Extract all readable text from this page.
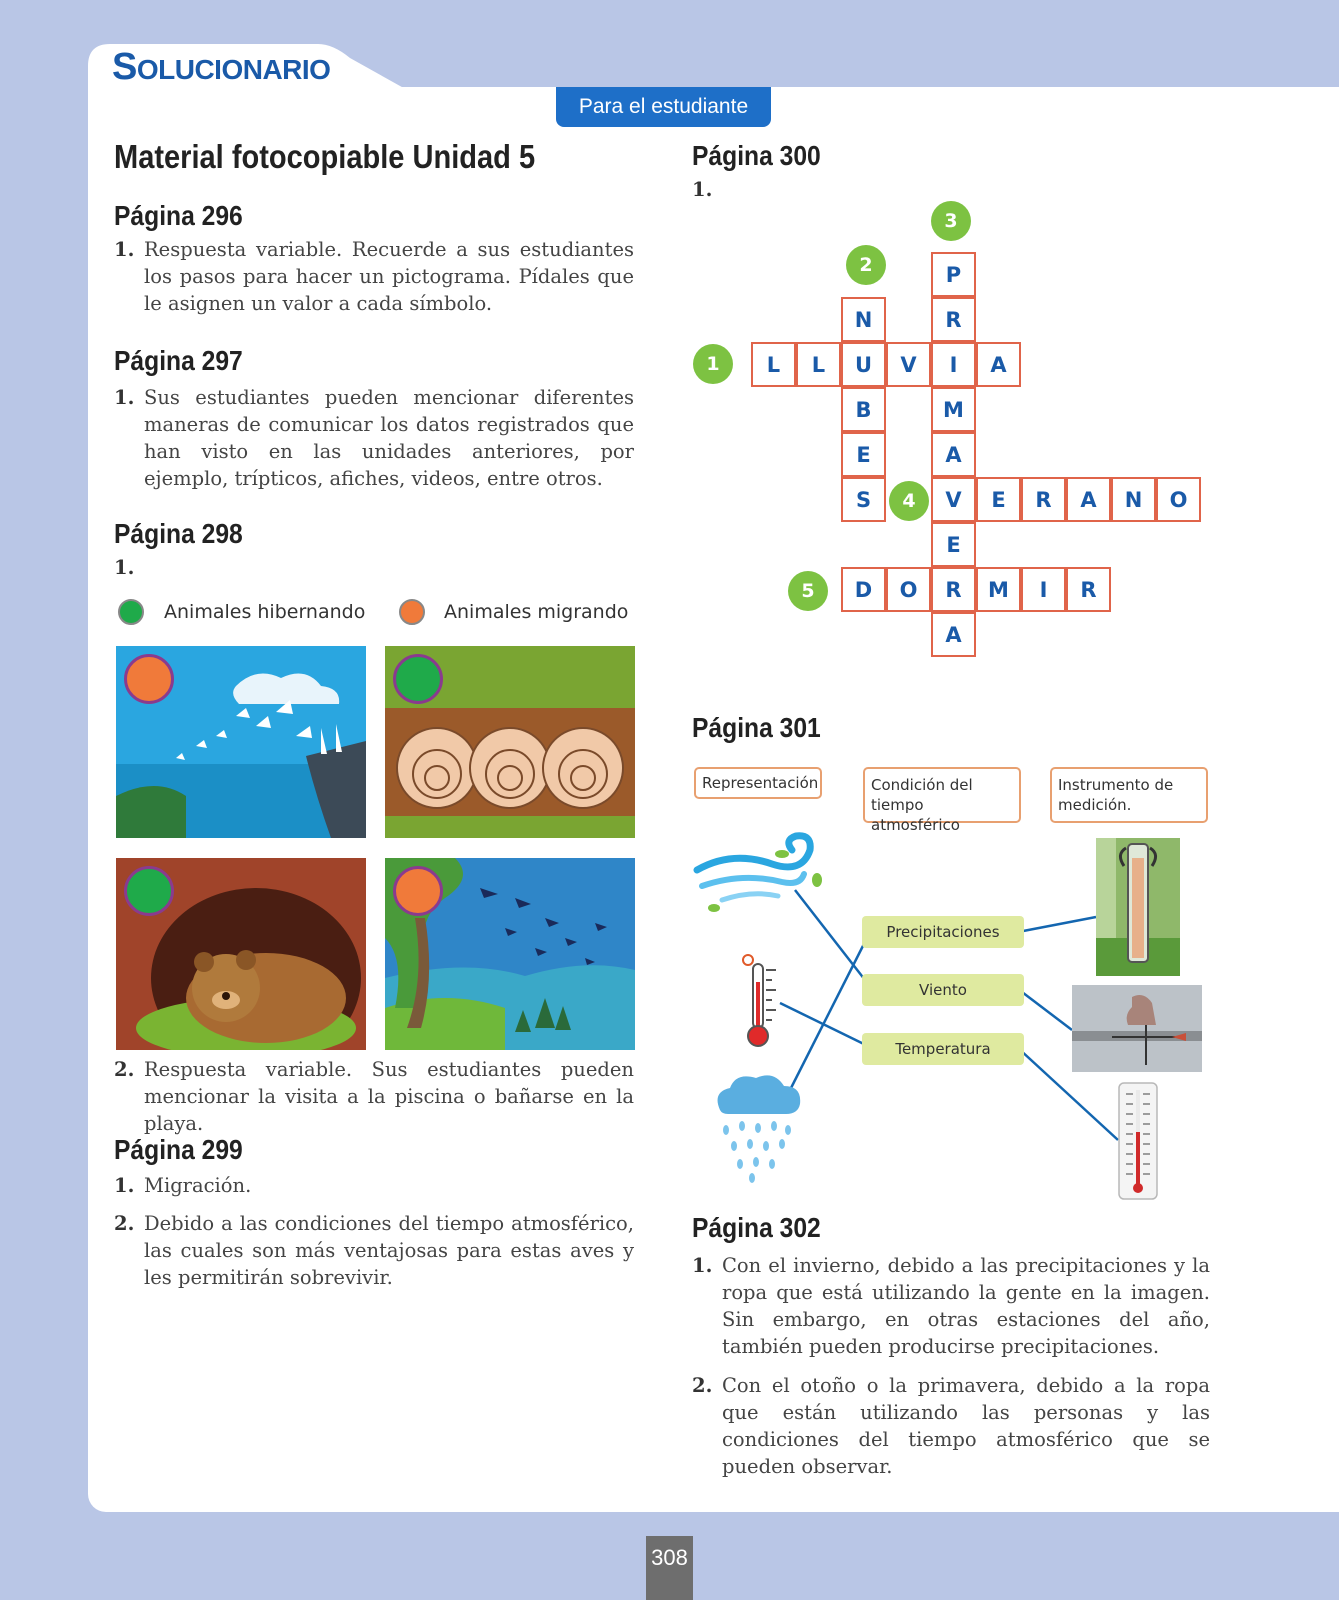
SOLUCIONARIO
Para el estudiante
Material fotocopiable Unidad 5
Página 296
1. Respuesta variable. Recuerde a sus estudiantes los pasos para hacer un pictograma. Pídales que le asignen un valor a cada símbolo.
Página 297
1. Sus estudiantes pueden mencionar diferentes maneras de comunicar los datos registrados que han visto en las unidades anteriores, por ejemplo, trípticos, afiches, videos, entre otros.
Página 298
1.
Animales hibernando	Animales migrando
2. Respuesta variable. Sus estudiantes pueden mencionar la visita a la piscina o bañarse en la playa.
Página 299
1. Migración.
2. Debido a las condiciones del tiempo atmosférico, las cuales son más ventajosas para estas aves y les permitirán sobrevivir.
Página 300
1.
L	L	U	V	I	A
N
B
E
S
P
R
M
A
V
E
R
A
E	R	A	N	O
D	O	M	I	R
1
2
3
4
5
Página 301
Representación	Condición del tiempo atmosférico
Instrumento de medición.
Precipitaciones
Viento
Temperatura
Página 302
1. Con el invierno, debido a las precipitaciones y la ropa que está utilizando la gente en la imagen. Sin embargo, en otras estaciones del año, también pueden producirse precipitaciones.
2. Con el otoño o la primavera, debido a la ropa que están utilizando las personas y las condiciones del tiempo atmosférico que se pueden observar.
308
